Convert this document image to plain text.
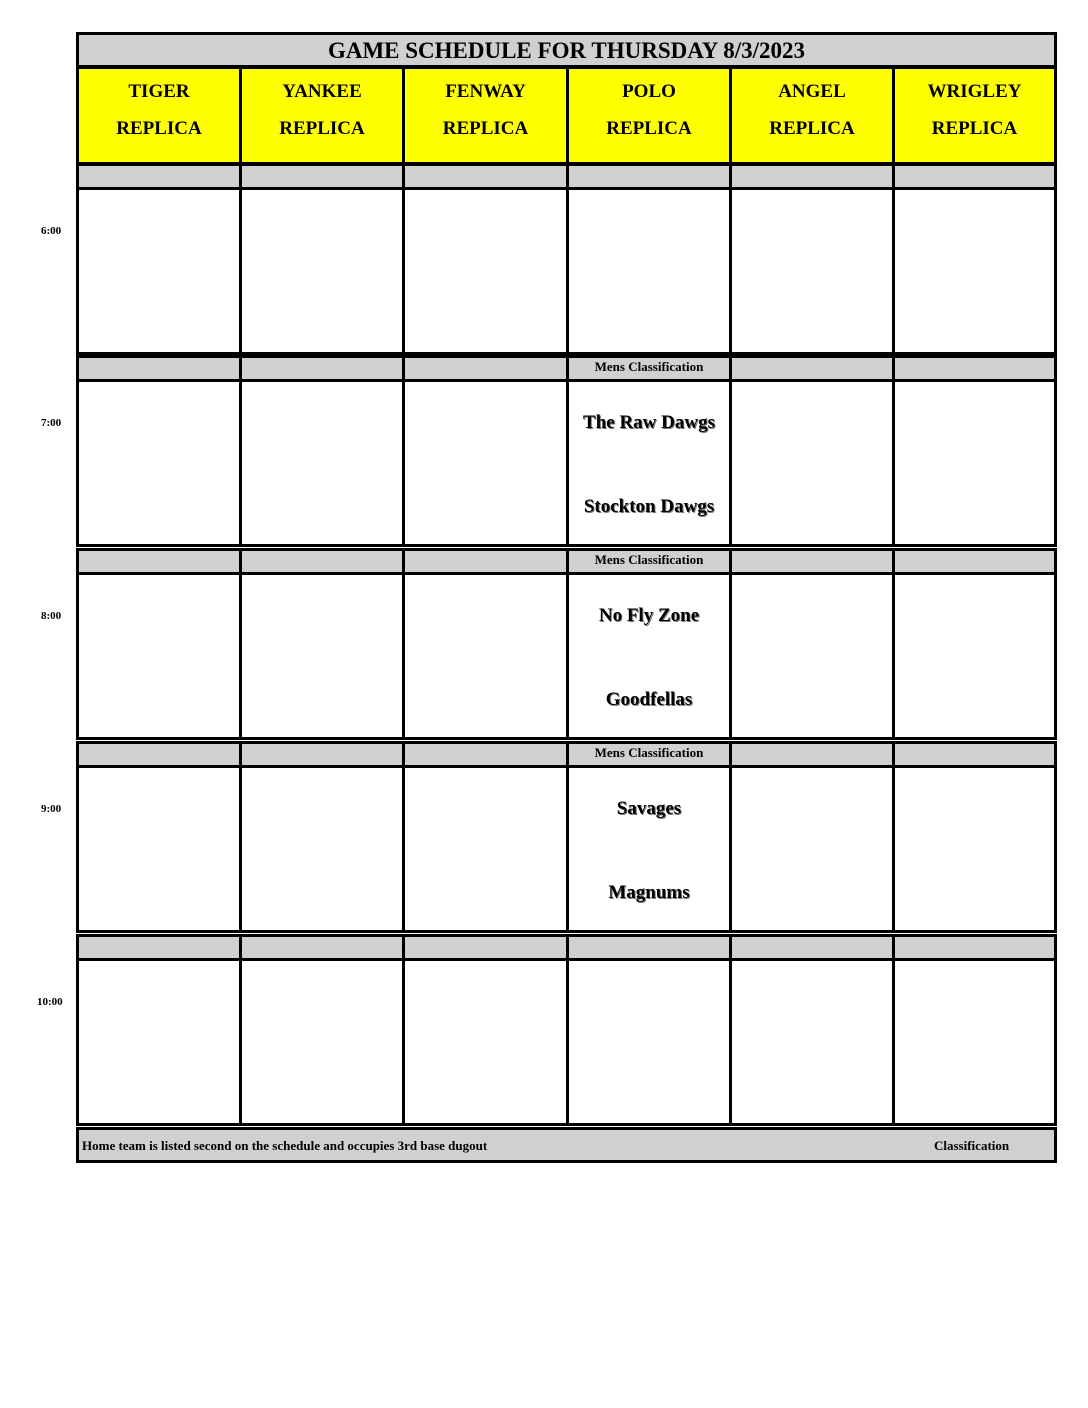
GAME SCHEDULE FOR THURSDAY 8/3/2023
TIGER
REPLICA
YANKEE
REPLICA
FENWAY
REPLICA
POLO
REPLICA
ANGEL
REPLICA
WRIGLEY
REPLICA
6:00
Mens Classification
The Raw Dawgs
Stockton Dawgs
7:00
Mens Classification
No Fly Zone
Goodfellas
8:00
Mens Classification
Savages
Magnums
9:00
10:00
Home team is listed second on the schedule and occupies 3rd base dugout	Classification
